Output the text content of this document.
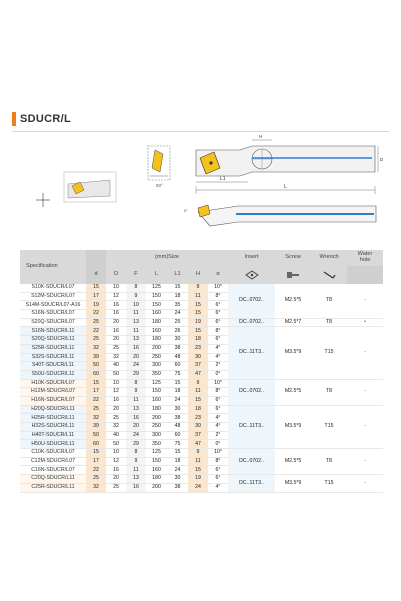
SDUCR/L
93°	L
L1
H
D
0°
Specification		(mm)Size						Insert	Screw	Wrench	Water
hole
	d	D	F	L	L1	H	α	

S10K-SDUCR/L07	15	10	8	125	15	9	10°	DC..0702..	M2.5*5	T8	-
S12M-SDUCR/L07	17	12	9	150	18	11	8°				
S14M-SDUCR/L07-A16	19	16	10	150	35	15	6°				
S16N-SDUCR/L07	22	16	11	160	24	15	6°				
S20Q-SDUCR/L07	25	20	13	180	25	19	6°	DC..0702..	M2.5*7	T8	•
S16N-SDUCR/L11	22	16	11	160	26	15	8°	DC..11T3..	M3.5*9	T15	-
S20Q-SDUCR/L11	25	20	13	180	30	18	6°				
S25R-SDUCR/L11	32	25	16	200	38	23	4°				
S32S-SDUCR/L11	39	32	20	250	48	30	4°				
S40T-SDUCR/L11	50	40	24	300	60	37	2°				
S50U-SDUCR/L11	60	50	29	350	75	47	0°				
H10K-SDUCR/L07	15	10	8	125	15	9	10°	DC..0702..	M2.5*5	T8	-
H12M-SDUCR/L07	17	12	9	150	18	11	8°				
H16N-SDUCR/L07	22	16	11	160	24	15	6°				
H20Q-SDUCR/L11	25	20	13	180	30	18	6°	DC..11T3..	M3.5*9	T15	-
H25R-SDUCR/L11	32	25	16	200	38	23	4°				
H32S-SDUCR/L11	39	32	20	250	48	30	4°				
H40T-SDUCR/L11	50	40	24	300	60	37	2°				
H50U-SDUCR/L11	60	50	29	350	75	47	0°				
C10K-SDUCR/L07	15	10	8	125	15	9	10°	DC..0702..	M2.5*5	T8	-
C12M-SDUCR/L07	17	12	9	150	18	11	8°				
C16N-SDUCR/L07	22	16	11	160	24	15	6°				
C20Q-SDUCR/L11	25	20	13	180	30	19	6°	DC..11T3..	M3.5*9	T15	-
C25R-SDUCR/L11	32	25	16	200	38	24	4°				
